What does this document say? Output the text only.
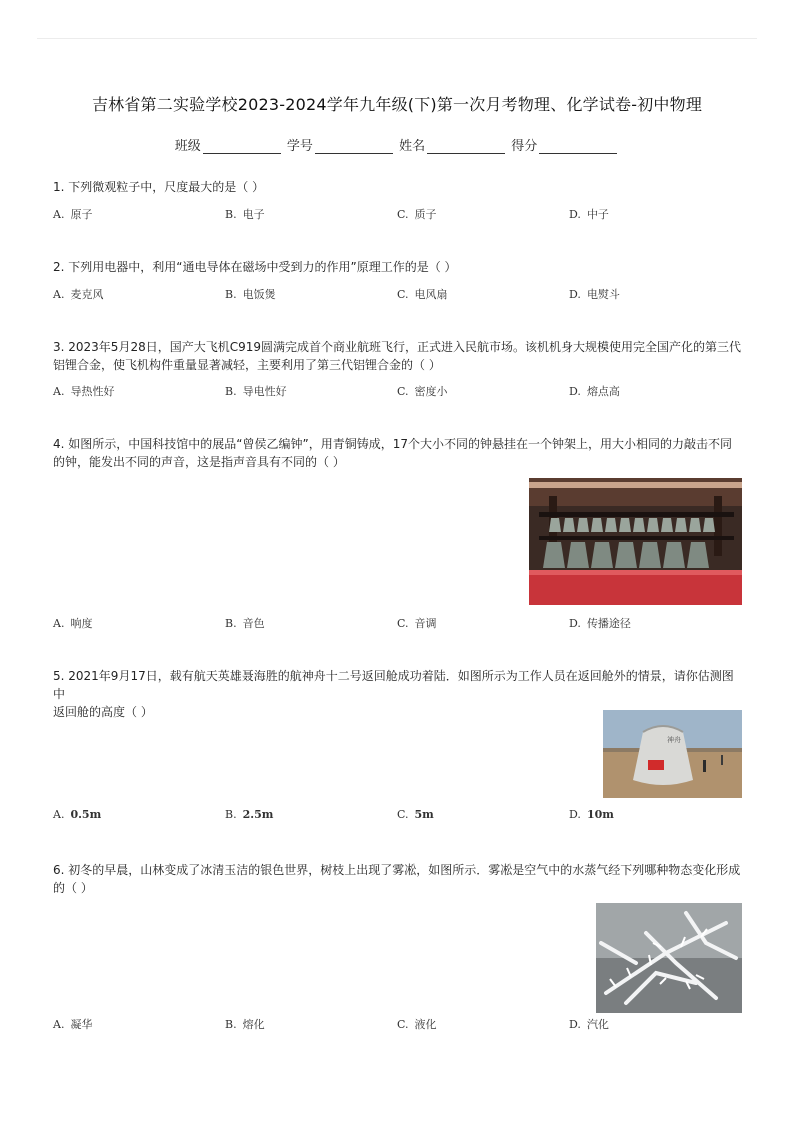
吉林省第二实验学校2023-2024学年九年级(下)第一次月考物理、化学试卷-初中物理
班级	学号	姓名	得分
1. 下列微观粒子中，尺度最大的是（ ）
A. 原子	B. 电子	C. 质子	D. 中子
2. 下列用电器中，利用“通电导体在磁场中受到力的作用”原理工作的是（ ）
A. 麦克风	B. 电饭煲	C. 电风扇	D. 电熨斗
3. 2023年5月28日，国产大飞机C919圆满完成首个商业航班飞行，正式进入民航市场。该机机身大规模使用完全国产化的第三代
铝锂合金，使飞机构件重量显著减轻，主要利用了第三代铝锂合金的（ ）
A. 导热性好	B. 导电性好	C. 密度小	D. 熔点高
4. 如图所示，中国科技馆中的展品“曾侯乙编钟”，用青铜铸成，17个大小不同的钟悬挂在一个钟架上，用大小相同的力敲击不同
的钟，能发出不同的声音，这是指声音具有不同的（ ）
A. 响度	B. 音色	C. 音调	D. 传播途径
5. 2021年9月17日，载有航天英雄聂海胜的航神舟十二号返回舱成功着陆．如图所示为工作人员在返回舱外的情景，请你估测图中
返回舱的高度（ ）
神舟
A. 0.5m	B. 2.5m	C. 5m	D. 10m
6. 初冬的早晨，山林变成了冰清玉洁的银色世界，树枝上出现了雾凇，如图所示．雾凇是空气中的水蒸气经下列哪种物态变化形成
的（ ）
A. 凝华	B. 熔化	C. 液化	D. 汽化
